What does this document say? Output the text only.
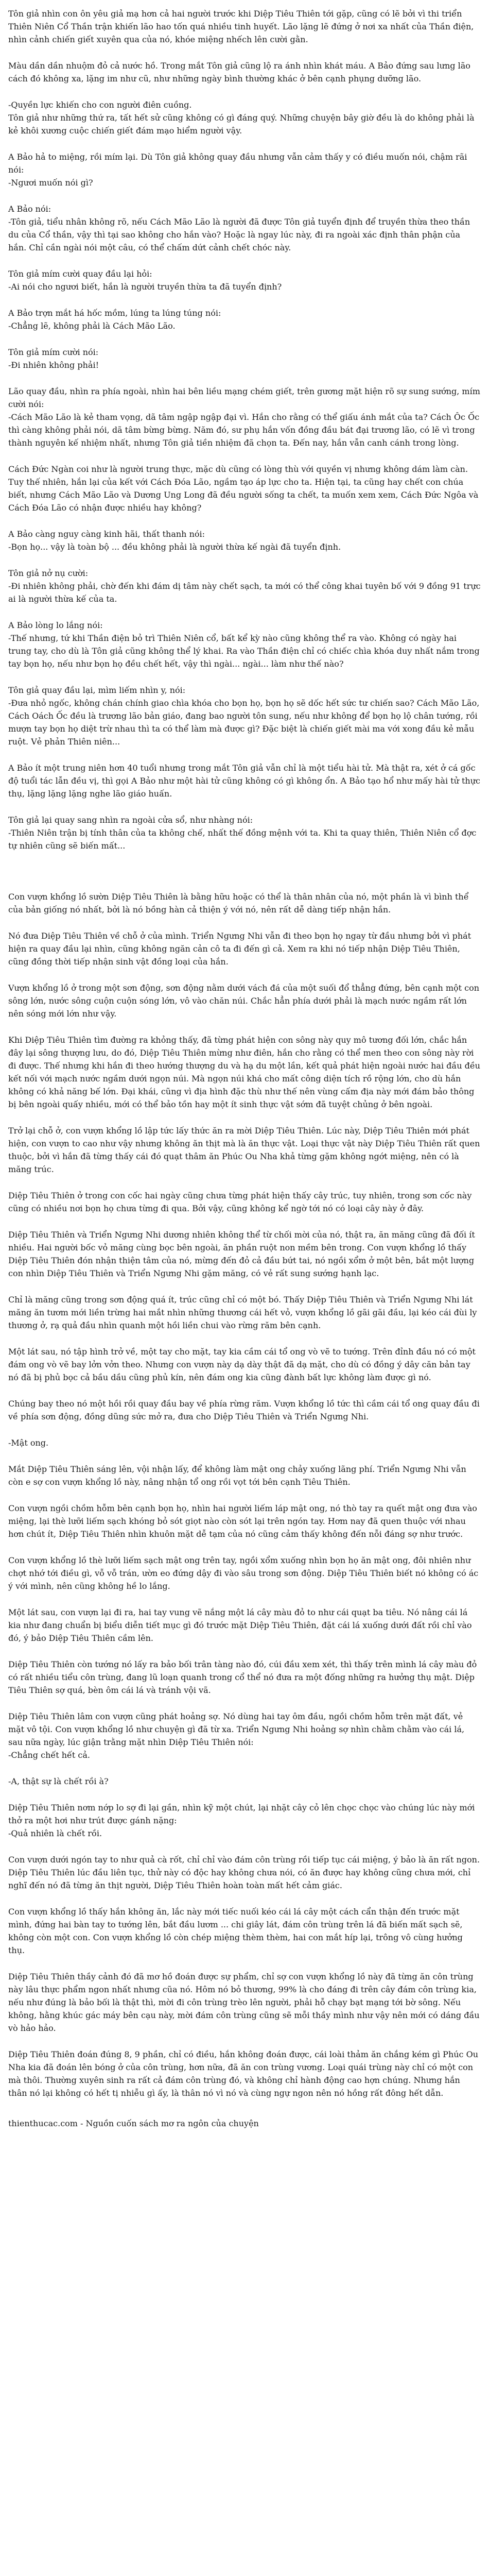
Tôn giả nhìn con ôn yêu giả mạ hơn cả hai người trước khi Diệp Tiêu Thiên tới gặp, cũng có lẽ bởi vì thi triển Thiên Niên Cổ Thần trận khiến lão hao tốn quá nhiều tinh huyết. Lão lặng lẽ đứng ở nơi xa nhất của Thần điện, nhìn cảnh chiến giết xuyên qua của nó, khóe miệng nhếch lên cười gằn.

Màu dần dần nhuộm đỏ cả nước hồ. Trong mắt Tôn giả cũng lộ ra ánh nhìn khát máu. A Bảo đứng sau lưng lão cách đó không xa, lặng im như cũ, như những ngày bình thường khác ở bên cạnh phụng dưỡng lão.

-Quyền lực khiến cho con người điên cuồng.
Tôn giả như những thứ ra, tất hết sử cũng không có gì đáng quý. Những chuyện bây giờ đều là do không phải là kẻ khôi xương cuộc chiến giết đám mạo hiểm người vậy.

A Bảo hả to miệng, rồi mím lại. Dù Tôn giả không quay đầu nhưng vẫn cảm thấy y có điều muốn nói, chậm rãi nói:
-Ngươi muốn nói gì?

A Bảo nói:
-Tôn giả, tiểu nhân không rõ, nếu Cách Mão Lão là người đã được Tôn giả tuyển định để truyền thừa theo thần du của Cổ thần, vậy thì tại sao không cho hắn vào? Hoặc là ngay lúc này, đi ra ngoài xác định thân phận của hắn. Chỉ cần ngài nói một câu, có thể chấm dứt cảnh chết chóc này.

Tôn giả mím cười quay đầu lại hỏi:
-Ai nói cho ngươi biết, hắn là người truyền thừa ta đã tuyển định?

A Bảo trợn mắt há hốc mồm, lúng ta lúng túng nói:
-Chẳng lẽ, không phải là Cách Mão Lão.

Tôn giả mím cười nói:
-Đi nhiên không phải!

Lão quay đầu, nhìn ra phía ngoài, nhìn hai bên liều mạng chém giết, trên gương mặt hiện rõ sự sung sướng, mím cười nói:
-Cách Mão Lão là kẻ tham vọng, dã tâm ngập ngập đại vì. Hắn cho rằng có thể giấu ánh mắt của ta? Cách Ôc Ốc thì càng không phải nói, dã tâm bừng bừng. Năm đó, sư phụ hắn vốn đồng đầu bát đại trương lão, có lẽ vì trong thành nguyên kế nhiệm nhất, nhưng Tôn giả tiền nhiệm đã chọn ta. Đến nay, hắn vẫn canh cánh trong lòng.

Cách Đức Ngàn coi như là người trung thực, mặc dù cũng có lòng thù với quyền vị nhưng không dám làm càn. Tuy thế nhiên, hắn lại của kết với Cách Đóa Lão, ngầm tạo áp lực cho ta. Hiện tại, ta cũng hay chết con chúa biết, nhưng Cách Mão Lão và Dương Ung Long đã đều người sống ta chết, ta muốn xem xem, Cách Đức Ngôa và Cách Đóa Lão có nhận được nhiều hay không?

A Bảo càng nguy càng kinh hãi, thất thanh nói:
-Bọn họ... vậy là toàn bộ ... đều không phải là người thừa kế ngài đã tuyển định.

Tôn giả nở nụ cười:
-Đi nhiên không phải, chờ đến khi đám dị tâm này chết sạch, ta mới có thể công khai tuyên bố với 9 đồng 91 trực ai là người thừa kế của ta.

A Bảo lòng lo lắng nói:
-Thế nhưng, tứ khi Thần điện bỏ trì Thiên Niên cổ, bất kể kỳ nào cũng không thể ra vào. Không có ngày hai trung tay, cho dù là Tôn giả cũng không thể lý khai. Ra vào Thần điện chỉ có chiếc chìa khóa duy nhất nắm trong tay bọn họ, nếu như bọn họ đều chết hết, vậy thì ngài... ngài... làm như thế nào?

Tôn giả quay đầu lại, mìm liếm nhìn y, nói:
-Đưa nhỏ ngốc, không chán chính giao chìa khóa cho bọn họ, bọn họ sẽ dốc hết sức tư chiến sao? Cách Mão Lão, Cách Oách Ốc đều là trương lão bản giáo, đang bao người tôn sung, nếu như không để bọn họ lộ chân tướng, rồi mượn tay bọn họ diệt trừ nhau thì ta có thể làm mà được gì? Đặc biệt là chiến giết mài ma với xong đầu kẻ mẫu ruột. Vẻ phản Thiên niên...

A Bảo ít một trung niên hơn 40 tuổi nhưng trong mắt Tôn giả vẫn chỉ là một tiểu hài tử. Mà thật ra, xét ở cá gốc độ tuổi tác lẫn đều vị, thì gọi A Bảo như một hài tử cũng không có gì không ổn. A Bảo tạo hổ như mấy hài tử thực thụ, lặng lặng lặng nghe lão giáo huấn.

Tôn giả lại quay sang nhìn ra ngoài cửa sổ, như nhàng nói:
-Thiên Niên trận bị tính thân của ta không chế, nhất thế đồng mệnh với ta. Khi ta quay thiên, Thiên Niên cổ đợc tự nhiên cũng sẽ biến mất...

Con vượn khổng lồ sườn Diệp Tiêu Thiên là bằng hữu hoặc có thể là thân nhân của nó, một phần là vì bình thể của bản giống nó nhất, bởi là nó bồng hàn cả thiện ý với nó, nên rất dễ dàng tiếp nhận hắn.

Nó đưa Diệp Tiêu Thiên về chỗ ở của mình. Triển Ngưng Nhi vẫn đi theo bọn họ ngay từ đầu nhưng bởi vì phát hiện ra quay đầu lại nhìn, cũng không ngăn cản cô ta đi đến gì cả. Xem ra khi nó tiếp nhận Diệp Tiêu Thiên, cũng đồng thời tiếp nhận sinh vật đồng loại của hắn.

Vượn khổng lồ ở trong một sơn động, sơn động nằm dưới vách đá của một suối đổ thẳng đứng, bên cạnh một con sông lớn, nước sông cuộn cuộn sóng lớn, vô vào chăn núi. Chắc hẳn phía dưới phải là mạch nước ngầm rất lớn nên sóng mới lớn như vậy.

Khi Diệp Tiêu Thiên tìm đường ra khỏng thấy, đã từng phát hiện con sông này quy mô tương đối lớn, chắc hắn đây lại sông thượng lưu, do đó, Diệp Tiêu Thiên mừng như điên, hắn cho rằng có thể men theo con sông này rời đi được. Thế nhưng khi hắn đi theo hướng thượng du và hạ du một lần, kết quả phát hiện ngoài nước hai đầu đều kết nối với mạch nước ngầm dưới ngọn núi. Mà ngọn núi khá cho mất công diện tích rồ rộng lớn, cho dù hắn không có khả năng bế lớn. Đại khái, cũng vì địa hình đặc thù như thế nên vùng cấm địa này mới đám bảo thông bị bên ngoài quấy nhiều, mới có thể bảo tồn hay một ít sinh thực vật sớm đã tuyệt chủng ở bên ngoài.

Trở lại chỗ ở, con vượn khổng lồ lập tức lấy thức ăn ra mời Diệp Tiêu Thiên. Lúc này, Diệp Tiêu Thiên mới phát hiện, con vượn to cao như vậy nhưng không ăn thịt mà là ăn thực vật. Loại thực vật này Diệp Tiêu Thiên rất quen thuộc, bởi vì hắn đã từng thấy cái đó quạt thâm ăn Phúc Ou Nha khả từng gặm không ngớt miệng, nên có là măng trúc.

Diệp Tiêu Thiên ở trong con cốc hai ngày cũng chưa từng phát hiện thấy cây trúc, tuy nhiên, trong sơn cốc này cũng có nhiều nơi bọn họ chưa từng đi qua. Bởi vậy, cũng không kể ngờ tới nó có loại cây này ở đây.

Diệp Tiêu Thiên và Triển Ngưng Nhi dương nhiên không thể từ chối mời của nó, thật ra, ăn măng cũng đã đối ít nhiều. Hai người bốc vỏ măng cùng bọc bên ngoài, ăn phần ruột non mềm bên trong. Con vượn khổng lồ thấy Diệp Tiêu Thiên đón nhận thiện tâm của nó, mừng đến đỏ cả đầu bứt tai, nó ngồi xổm ở một bên, bắt một lượng con nhìn Diệp Tiêu Thiên và Triển Ngưng Nhi gặm măng, có vẻ rất sung sướng hạnh lạc.

Chỉ là măng cũng trong sơn động quá ít, trúc cũng chỉ có một bó. Thấy Diệp Tiêu Thiên và Triển Ngưng Nhi lát măng ăn tươm mới liền trừng hai mắt nhìn những thương cái hết vỏ, vượn khổng lồ gãi gãi đầu, lại kéo cái đùi ly thương ở, rạ quả đầu nhìn quanh một hồi liền chui vào rừng răm bên cạnh.

Một lát sau, nó tập hình trở về, một tay cho mặt, tay kia cầm cái tổ ong vò vẽ to tướng. Trên đỉnh đầu nó có một đám ong vò vẽ bay lởn vởn theo. Nhưng con vượn này dạ dày thật đã dạ mặt, cho dù có đồng ý dây căn bản tay nó đã bị phủ bọc cả bầu dầu cũng phủ kín, nên đám ong kia cũng đành bất lực không làm được gì nó.

Chúng bay theo nó một hồi rồi quay đầu bay về phía rừng răm. Vượn khổng lồ tức thì cầm cái tổ ong quay đầu đi về phía sơn động, đồng dũng sức mở ra, đưa cho Diệp Tiêu Thiên và Triển Ngưng Nhi.

-Mật ong.

Mắt Diệp Tiêu Thiên sáng lên, vội nhận lấy, để không làm mật ong chảy xuống lãng phí. Triển Ngưng Nhi vẫn còn e sợ con vượn khổng lồ này, nâng nhận tổ ong rồi vọt tới bên cạnh Tiêu Thiên.

Con vượn ngồi chồm hỗm bên cạnh bọn họ, nhìn hai người liếm láp mật ong, nó thò tay ra quết mật ong đưa vào miệng, lại thè lưỡi liếm sạch khóng bỏ sót giọt nào còn sót lại trên ngón tay. Hơm nay đã quen thuộc với nhau hơn chút ít, Diệp Tiêu Thiên nhìn khuôn mặt dễ tạm của nó cũng cảm thấy không đến nỗi đáng sợ như trước.

Con vượn khổng lồ thè lưỡi liếm sạch mật ong trên tay, ngồi xổm xuống nhìn bọn họ ăn mật ong, đôi nhiên như chợt nhớ tới điều gì, vỗ vỗ trán, ườn eo đứng dậy đi vào sâu trong sơn động. Diệp Tiêu Thiên biết nó không có ác ý với mình, nên cũng không hề lo lắng.

Một lát sau, con vượn lại đi ra, hai tay vung vẽ nắng một lá cây màu đỏ to như cái quạt ba tiêu. Nó nâng cái lá kia như đang chuẩn bị biểu diễn tiết mục gì đó trước mặt Diệp Tiêu Thiên, đặt cái lá xuống dưới đất rồi chỉ vào đó, ý bảo Diệp Tiêu Thiên cầm lên.

Diệp Tiêu Thiên còn tướng nó lấy ra bảo bối trân tàng nào đó, cúi đầu xem xét, thì thấy trên mình lá cây màu đỏ có rất nhiều tiểu côn trùng, đang lũ loạn quanh trong cổ thể nó đưa ra một đống những ra hưởng thụ mật. Diệp Tiêu Thiên sợ quá, bèn ôm cái lá và tránh vội vã.

Diệp Tiêu Thiên lâm con vượn cũng phát hoảng sợ. Nó dùng hai tay ôm đầu, ngồi chồm hỗm trên mặt đất, vẻ mặt vô tội. Con vượn khổng lồ như chuyện gì đã từ xa. Triển Ngưng Nhi hoảng sợ nhìn chằm chằm vào cái lá, sau nữa ngày, lúc giận trằng mặt nhìn Diệp Tiêu Thiên nói:
-Chẳng chết hết cả.

-A, thật sự là chết rồi à?

Diệp Tiêu Thiên nơm nớp lo sợ đi lại gần, nhìn kỹ một chút, lại nhặt cây cỏ lên chọc chọc vào chúng lúc này mới thở ra một hơi như trút được gánh nặng:
-Quả nhiên là chết rồi.

Con vượn dưới ngón tay to như quả cà rốt, chỉ chỉ vào đám côn trùng rồi tiếp tục cái miệng, ý bảo là ăn rất ngon. Diệp Tiêu Thiên lúc đầu liên tục, thử này có độc hay không chưa nói, có ăn được hay không cũng chưa mới, chỉ nghĩ đến nó đã từng ăn thịt người, Diệp Tiêu Thiên hoàn toàn mất hết cảm giác.

Con vượn khổng lồ thấy hắn không ăn, lắc này mới tiếc nuối kéo cái lá cây một cách cẩn thận đến trước mặt mình, đứng hai bàn tay to tướng lên, bắt đầu lươm ... chi giây lát, đám côn trùng trên lá đã biến mất sạch sẽ, không còn một con. Con vượn khổng lồ còn chép miệng thèm thèm, hai con mắt híp lại, trông vô cùng hưởng thụ.

Diệp Tiêu Thiên thầy cảnh đó đã mơ hồ đoán được sự phẩm, chỉ sợ con vượn khổng lồ này đã từng ăn côn trùng này lâu thực phẩm ngon nhất nhưng cũa nó. Hôm nó bỏ thương, 99% là cho đáng đi trên cây đám côn trùng kia, nếu như đúng là bảo bối là thật thì, mời đi côn trùng trèo lên người, phải hỗ chạy bạt mạng tới bờ sông. Nếu không, hằng khúc gác máy bên cạu này, mời đám côn trùng cũng sẽ mỗi thầy mình như vậy nên mới có dáng đầu vò hảo hảo.

Diệp Tiêu Thiên đoán đúng 8, 9 phần, chỉ có điều, hắn không đoán được, cái loài thảm ăn chắng kém gì Phúc Ou Nha kia đã đoán lên bóng ở của côn trùng, hơn nữa, đã ăn con trùng vương. Loại quái trùng này chỉ có một con mà thôi. Thường xuyên sinh ra rất cả đám côn trùng đó, và không chỉ hành động cao hợn chúng. Nhưng hắn thân nó lại không có hết tị nhiễu gì ấy, là thân nó vì nó và cùng ngự ngon nên nó hồng rất đông hết dẫn.

thienthucac.com - Nguồn cuốn sách mơ ra ngôn của chuyện
